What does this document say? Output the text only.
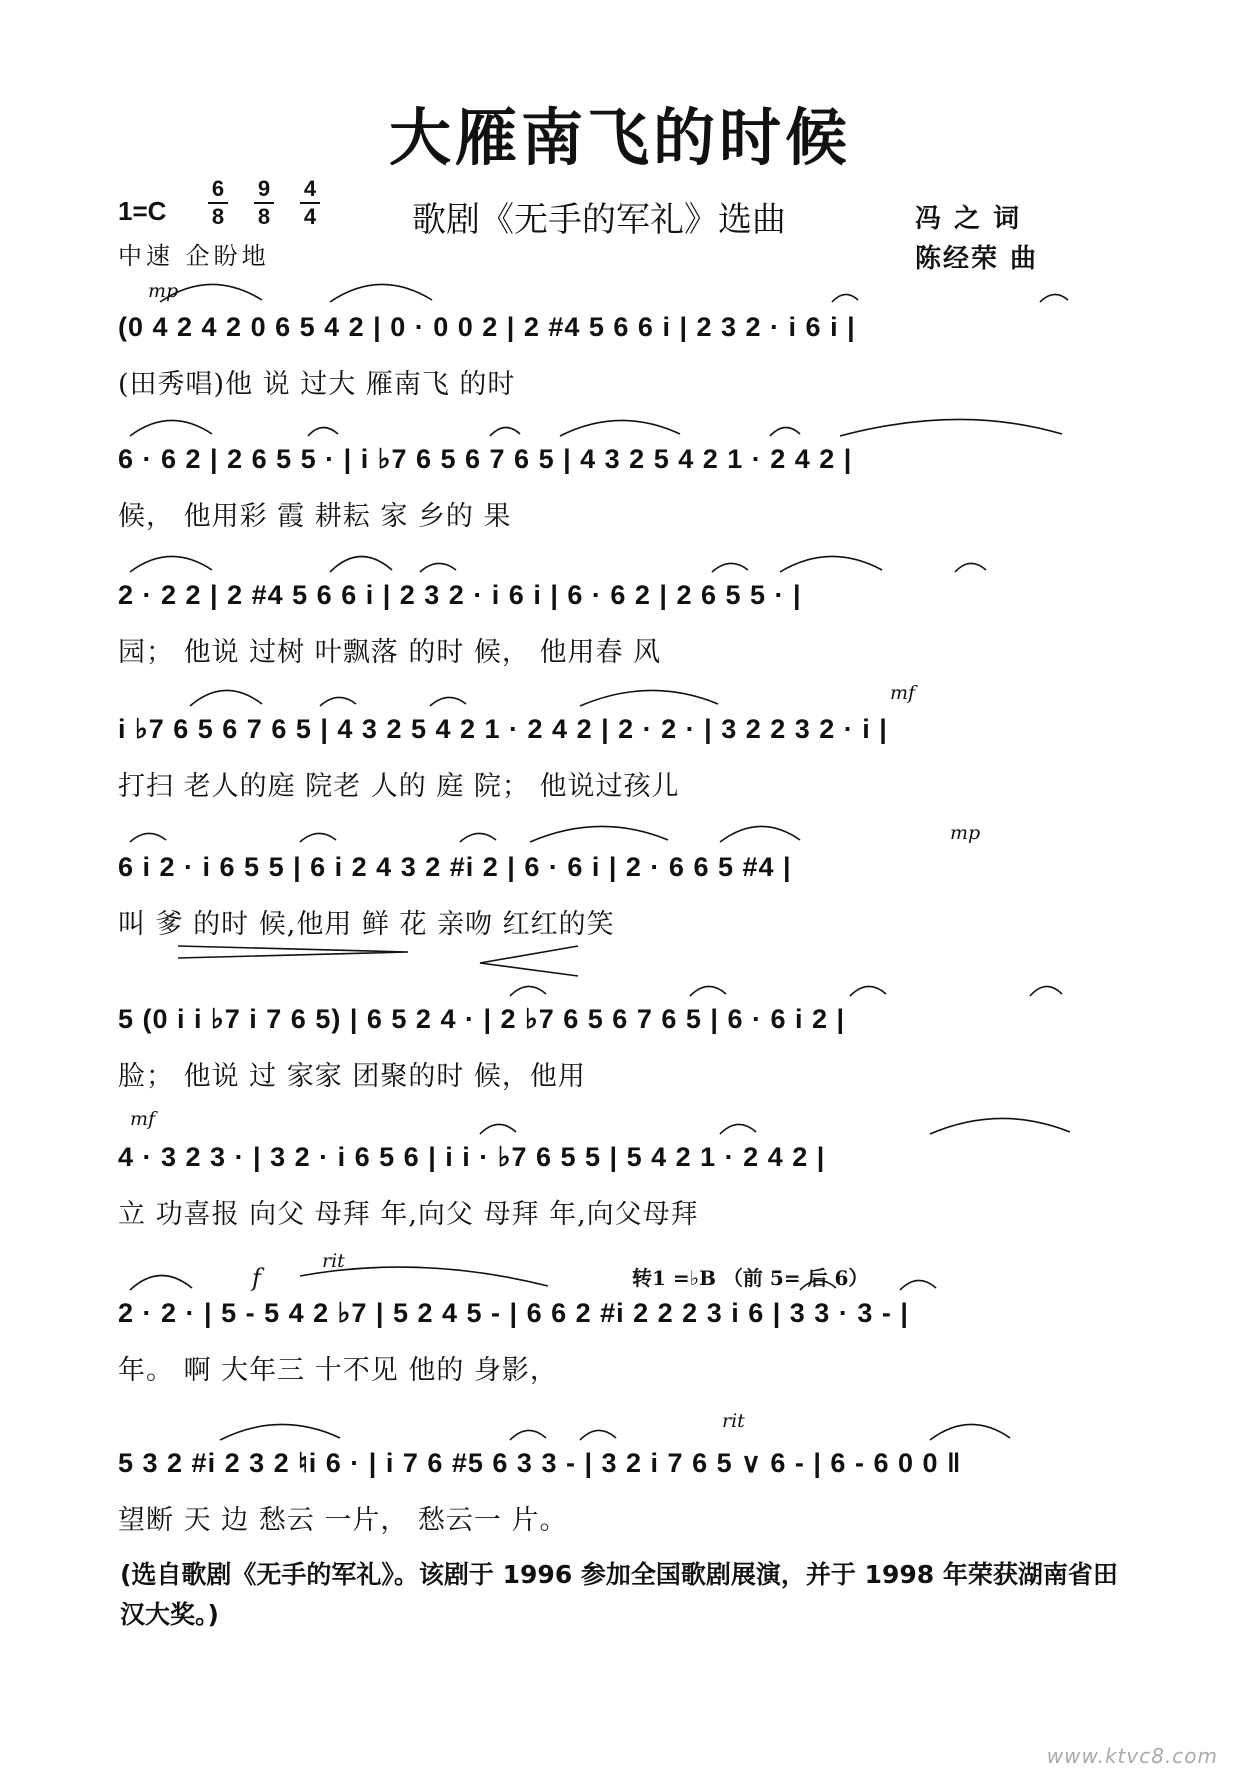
大雁南飞的时候
$1=C \frac{6}{8} \frac{9}{8} \frac{4}{4}$
中速 企盼地
歌剧《无手的军礼》选曲	冯 之 词
陈经荣 曲
mp
mf
mp
mf
f
rit
rit
转1 =♭B （前 5= 后 6）
(0 4 2 4 2 0 6 5 4 2 | 0 · 0 0 2 | 2 #4 5 6 6 i | 2 3 2 · i 6 i |
(田秀唱)他 说 过大 雁南飞 的时
6 · 6 2 | 2 6 5 5 · | i ♭7 6 5 6 7 6 5 | 4 3 2 5 4 2 1 · 2 4 2 |
候， 他用彩 霞 耕耘 家 乡的 果
2 · 2 2 | 2 #4 5 6 6 i | 2 3 2 · i 6 i | 6 · 6 2 | 2 6 5 5 · |
园； 他说 过树 叶飘落 的时 候， 他用春 风
i ♭7 6 5 6 7 6 5 | 4 3 2 5 4 2 1 · 2 4 2 | 2 · 2 · | 3 2 2 3 2 · i |
打扫 老人的庭 院老 人的 庭 院； 他说过孩儿
6 i 2 · i 6 5 5 | 6 i 2 4 3 2 #i 2 | 6 · 6 i | 2 · 6 6 5 #4 |
叫 爹 的时 候,他用 鲜 花 亲吻 红红的笑
5 (0 i i ♭7 i 7 6 5) | 6 5 2 4 · | 2 ♭7 6 5 6 7 6 5 | 6 · 6 i 2 |
脸； 他说 过 家家 团聚的时 候，他用
4 · 3 2 3 · | 3 2 · i 6 5 6 | i i · ♭7 6 5 5 | 5 4 2 1 · 2 4 2 |
立 功喜报 向父 母拜 年,向父 母拜 年,向父母拜
2 · 2 · | 5 - 5 4 2 ♭7 | 5 2 4 5 - | 6 6 2 #i 2 2 2 3 i 6 | 3 3 · 3 - |
年。 啊 大年三 十不见 他的 身影，
5 3 2 #i 2 3 2 ♮i 6 · | i 7 6 #5 6 3 3 - | 3 2 i 7 6 5 ∨ 6 - | 6 - 6 0 0 ‖
望断 天 边 愁云 一片， 愁云一 片。
(选自歌剧《无手的军礼》。该剧于 1996 参加全国歌剧展演，并于 1998 年荣获湖南省田汉大奖。)
www.ktvc8.com
